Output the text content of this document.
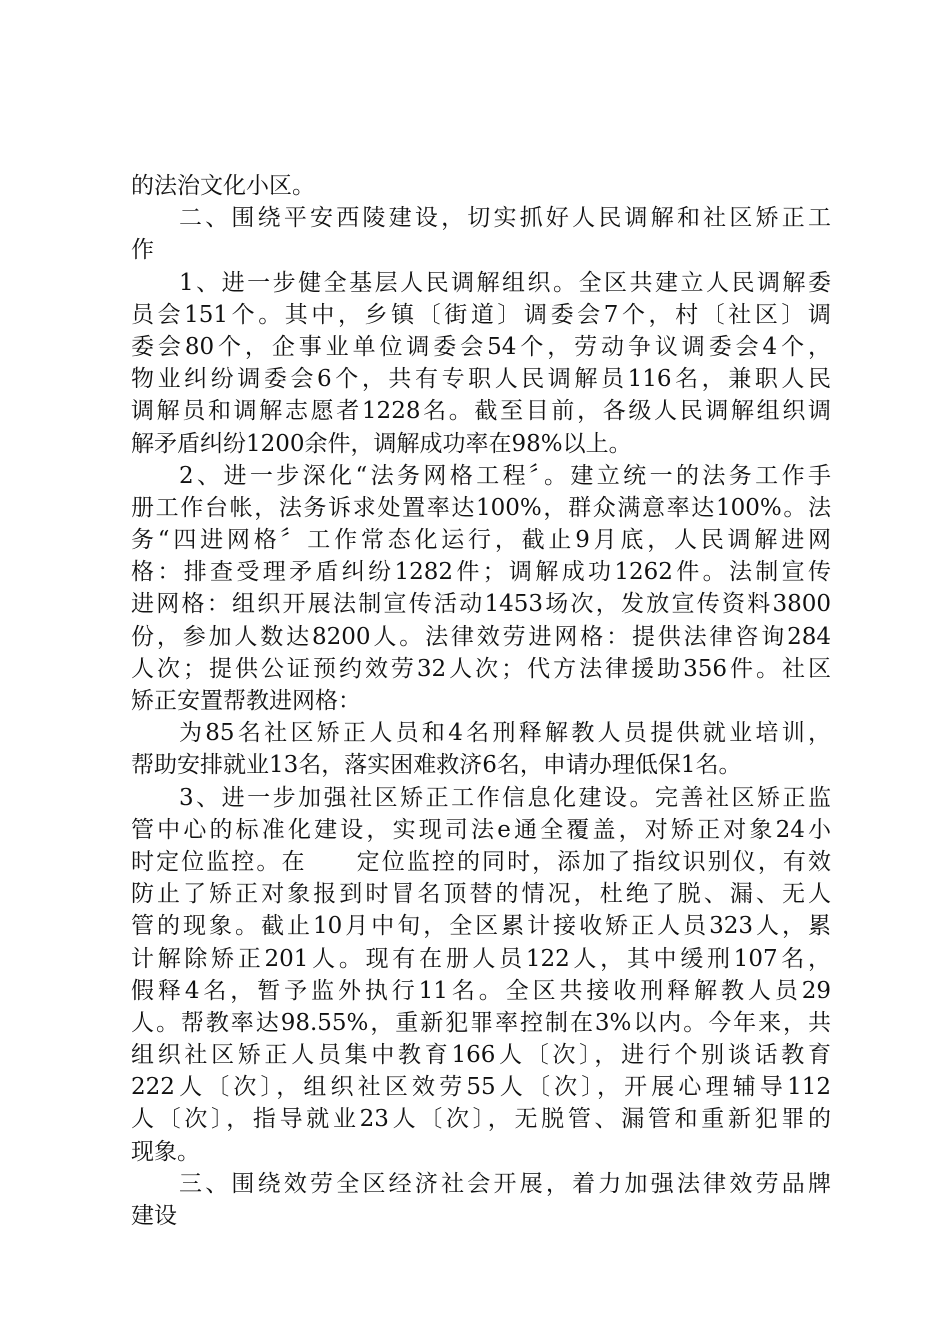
的法治文化小区。
二、围绕平安西陵建设，切实抓好人民调解和社区矫正工
作
1、进一步健全基层人民调解组织。全区共建立人民调解委
员会151个。其中，乡镇〔街道〕调委会7个，村〔社区〕调
委会80个，企事业单位调委会54个，劳动争议调委会4个，
物业纠纷调委会6个，共有专职人民调解员116名，兼职人民
调解员和调解志愿者1228名。截至目前，各级人民调解组织调
解矛盾纠纷1200余件，调解成功率在98%以上。
2、进一步深化“法务网格工程〞。建立统一的法务工作手
册工作台帐，法务诉求处置率达100%，群众满意率达100%。法
务“四进网格〞工作常态化运行，截止9月底，人民调解进网
格：排查受理矛盾纠纷1282件；调解成功1262件。法制宣传
进网格：组织开展法制宣传活动1453场次，发放宣传资料3800
份，参加人数达8200人。法律效劳进网格：提供法律咨询284
人次；提供公证预约效劳32人次；代方法律援助356件。社区
矫正安置帮教进网格：
为85名社区矫正人员和4名刑释解教人员提供就业培训，
帮助安排就业13名，落实困难救济6名，申请办理低保1名。
3、进一步加强社区矫正工作信息化建设。完善社区矫正监
管中心的标准化建设，实现司法e通全覆盖，对矫正对象24小
时定位监控。在　　定位监控的同时，添加了指纹识别仪，有效
防止了矫正对象报到时冒名顶替的情况，杜绝了脱、漏、无人
管的现象。截止10月中旬，全区累计接收矫正人员323人，累
计解除矫正201人。现有在册人员122人，其中缓刑107名，
假释4名，暂予监外执行11名。全区共接收刑释解教人员29
人。帮教率达98.55%，重新犯罪率控制在3%以内。今年来，共
组织社区矫正人员集中教育166人〔次〕，进行个别谈话教育
222人〔次〕，组织社区效劳55人〔次〕，开展心理辅导112
人〔次〕，指导就业23人〔次〕，无脱管、漏管和重新犯罪的
现象。
三、围绕效劳全区经济社会开展，着力加强法律效劳品牌
建设
